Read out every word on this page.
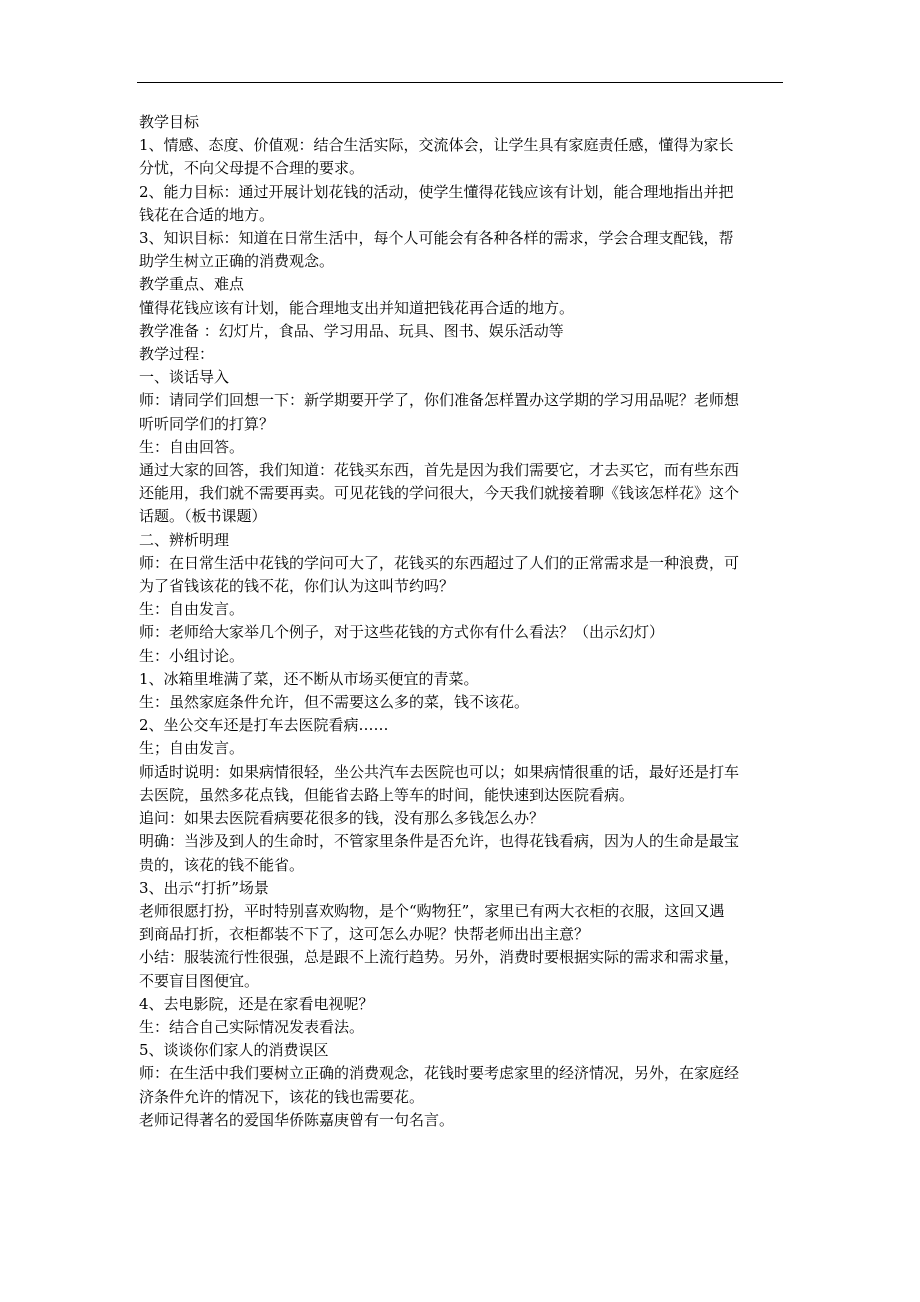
教学目标

1、情感、态度、价值观：结合生活实际，交流体会，让学生具有家庭责任感，懂得为家长

分忧，不向父母提不合理的要求。

2、能力目标：通过开展计划花钱的活动，使学生懂得花钱应该有计划，能合理地指出并把

钱花在合适的地方。

3、知识目标：知道在日常生活中，每个人可能会有各种各样的需求，学会合理支配钱，帮

助学生树立正确的消费观念。

教学重点、难点

懂得花钱应该有计划，能合理地支出并知道把钱花再合适的地方。

教学准备 ：幻灯片，食品、学习用品、玩具、图书、娱乐活动等

教学过程：

一、谈话导入

师：请同学们回想一下：新学期要开学了，你们准备怎样置办这学期的学习用品呢？老师想

听听同学们的打算？

生：自由回答。

通过大家的回答，我们知道：花钱买东西，首先是因为我们需要它，才去买它，而有些东西

还能用，我们就不需要再卖。可见花钱的学问很大，今天我们就接着聊《钱该怎样花》这个

话题。（板书课题）

二、辨析明理

师：在日常生活中花钱的学问可大了，花钱买的东西超过了人们的正常需求是一种浪费，可

为了省钱该花的钱不花，你们认为这叫节约吗？

生：自由发言。

师：老师给大家举几个例子，对于这些花钱的方式你有什么看法？（出示幻灯）

生：小组讨论。

1、冰箱里堆满了菜，还不断从市场买便宜的青菜。

生：虽然家庭条件允许，但不需要这么多的菜，钱不该花。

2、坐公交车还是打车去医院看病……

生；自由发言。

师适时说明：如果病情很轻，坐公共汽车去医院也可以；如果病情很重的话，最好还是打车

去医院，虽然多花点钱，但能省去路上等车的时间，能快速到达医院看病。

追问：如果去医院看病要花很多的钱，没有那么多钱怎么办？

明确：当涉及到人的生命时，不管家里条件是否允许，也得花钱看病，因为人的生命是最宝

贵的，该花的钱不能省。

3、出示“打折”场景

老师很愿打扮，平时特别喜欢购物，是个“购物狂”，家里已有两大衣柜的衣服，这回又遇

到商品打折，衣柜都装不下了，这可怎么办呢？快帮老师出出主意？

小结：服装流行性很强，总是跟不上流行趋势。另外，消费时要根据实际的需求和需求量，

不要盲目图便宜。

4、去电影院，还是在家看电视呢？

生：结合自己实际情况发表看法。

5、谈谈你们家人的消费误区

师：在生活中我们要树立正确的消费观念，花钱时要考虑家里的经济情况，另外，在家庭经

济条件允许的情况下，该花的钱也需要花。

老师记得著名的爱国华侨陈嘉庚曾有一句名言。
